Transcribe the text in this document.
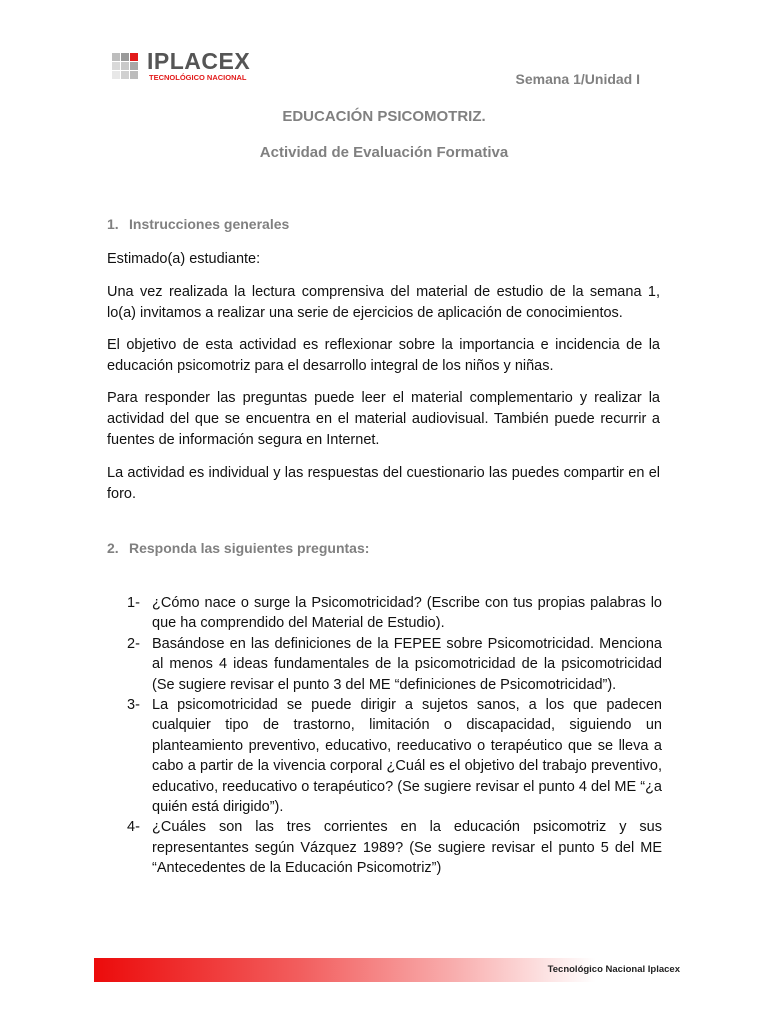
IPLACEX
TECNOLÓGICO NACIONAL	Semana 1/Unidad I
EDUCACIÓN PSICOMOTRIZ.
Actividad de Evaluación Formativa
1. Instrucciones generales

Estimado(a) estudiante:

Una vez realizada la lectura comprensiva del material de estudio de la semana 1, lo(a) invitamos a realizar una serie de ejercicios de aplicación de conocimientos.

El objetivo de esta actividad es reflexionar sobre la importancia e incidencia de la educación psicomotriz para el desarrollo integral de los niños y niñas.

Para responder las preguntas puede leer el material complementario y realizar la actividad del que se encuentra en el material audiovisual. También puede recurrir a fuentes de información segura en Internet.

La actividad es individual y las respuestas del cuestionario las puedes compartir en el foro.

2. Responda las siguientes preguntas:
1- ¿Cómo nace o surge la Psicomotricidad? (Escribe con tus propias palabras lo que ha comprendido del Material de Estudio).
2- Basándose en las definiciones de la FEPEE sobre Psicomotricidad. Menciona al menos 4 ideas fundamentales de la psicomotricidad de la psicomotricidad (Se sugiere revisar el punto 3 del ME “definiciones de Psicomotricidad”).
3- La psicomotricidad se puede dirigir a sujetos sanos, a los que padecen cualquier tipo de trastorno, limitación o discapacidad, siguiendo un planteamiento preventivo, educativo, reeducativo o terapéutico que se lleva a cabo a partir de la vivencia corporal ¿Cuál es el objetivo del trabajo preventivo, educativo, reeducativo o terapéutico? (Se sugiere revisar el punto 4 del ME “¿a quién está dirigido”).
4- ¿Cuáles son las tres corrientes en la educación psicomotriz y sus representantes según Vázquez 1989? (Se sugiere revisar el punto 5 del ME “Antecedentes de la Educación Psicomotriz”)
Tecnológico Nacional Iplacex
